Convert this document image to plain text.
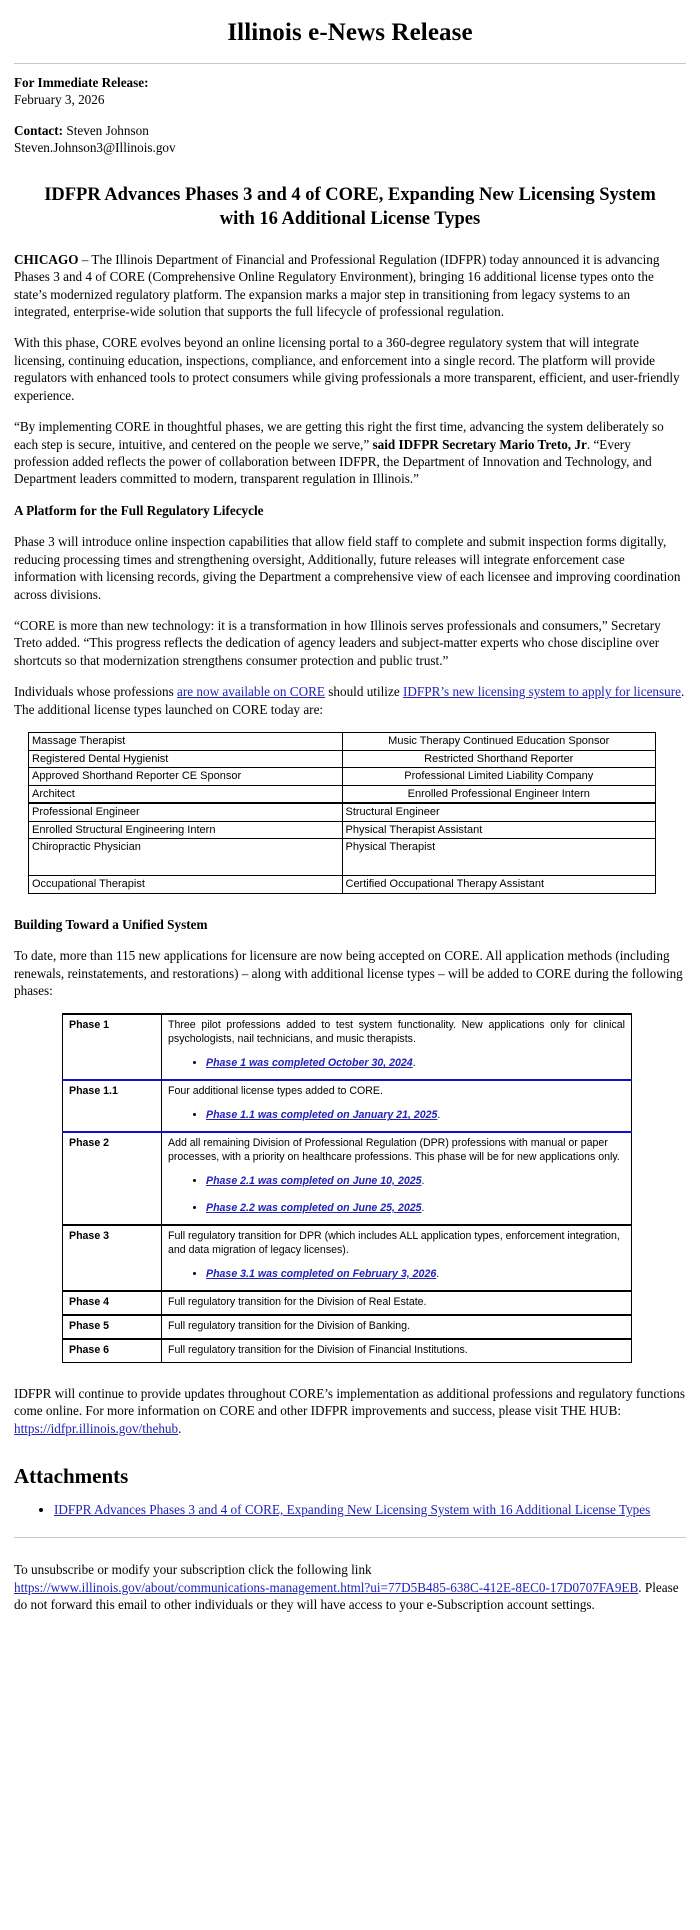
Illinois e-News Release
For Immediate Release:
February 3, 2026
Contact: Steven Johnson
Steven.Johnson3@Illinois.gov
IDFPR Advances Phases 3 and 4 of CORE, Expanding New Licensing System with 16 Additional License Types

CHICAGO – The Illinois Department of Financial and Professional Regulation (IDFPR) today announced it is advancing Phases 3 and 4 of CORE (Comprehensive Online Regulatory Environment), bringing 16 additional license types onto the state’s modernized regulatory platform. The expansion marks a major step in transitioning from legacy systems to an integrated, enterprise-wide solution that supports the full lifecycle of professional regulation.

With this phase, CORE evolves beyond an online licensing portal to a 360-degree regulatory system that will integrate licensing, continuing education, inspections, compliance, and enforcement into a single record. The platform will provide regulators with enhanced tools to protect consumers while giving professionals a more transparent, efficient, and user-friendly experience.

“By implementing CORE in thoughtful phases, we are getting this right the first time, advancing the system deliberately so each step is secure, intuitive, and centered on the people we serve,” said IDFPR Secretary Mario Treto, Jr. “Every profession added reflects the power of collaboration between IDFPR, the Department of Innovation and Technology, and Department leaders committed to modern, transparent regulation in Illinois.”

A Platform for the Full Regulatory Lifecycle

Phase 3 will introduce online inspection capabilities that allow field staff to complete and submit inspection forms digitally, reducing processing times and strengthening oversight, Additionally, future releases will integrate enforcement case information with licensing records, giving the Department a comprehensive view of each licensee and improving coordination across divisions.

“CORE is more than new technology: it is a transformation in how Illinois serves professionals and consumers,” Secretary Treto added. “This progress reflects the dedication of agency leaders and subject-matter experts who chose discipline over shortcuts so that modernization strengthens consumer protection and public trust.”

Individuals whose professions are now available on CORE should utilize IDFPR’s new licensing system to apply for licensure. The additional license types launched on CORE today are:

Massage Therapist	Music Therapy Continued Education Sponsor
Registered Dental Hygienist	Restricted Shorthand Reporter
Approved Shorthand Reporter CE Sponsor	Professional Limited Liability Company
Architect	Enrolled Professional Engineer Intern
Professional Engineer	Structural Engineer
Enrolled Structural Engineering Intern	Physical Therapist Assistant
Chiropractic Physician	Physical Therapist
Occupational Therapist	Certified Occupational Therapy Assistant
Building Toward a Unified System

To date, more than 115 new applications for licensure are now being accepted on CORE. All application methods (including renewals, reinstatements, and restorations) – along with additional license types – will be added to CORE during the following phases:

Phase 1	Three pilot professions added to test system functionality. New applications only for clinical psychologists, nail technicians, and music therapists.
• Phase 1 was completed October 30, 2024.

Phase 1.1	Four additional license types added to CORE.
• Phase 1.1 was completed on January 21, 2025.

Phase 2	Add all remaining Division of Professional Regulation (DPR) professions with manual or paper processes, with a priority on healthcare professions. This phase will be for new applications only.
• Phase 2.1 was completed on June 10, 2025.
• Phase 2.2 was completed on June 25, 2025.

Phase 3	Full regulatory transition for DPR (which includes ALL application types, enforcement integration, and data migration of legacy licenses).
• Phase 3.1 was completed on February 3, 2026.

Phase 4	Full regulatory transition for the Division of Real Estate.

Phase 5	Full regulatory transition for the Division of Banking.

Phase 6	Full regulatory transition for the Division of Financial Institutions.

IDFPR will continue to provide updates throughout CORE’s implementation as additional professions and regulatory functions come online. For more information on CORE and other IDFPR improvements and success, please visit THE HUB: https://idfpr.illinois.gov/thehub.

Attachments
• IDFPR Advances Phases 3 and 4 of CORE, Expanding New Licensing System with 16 Additional License Types

To unsubscribe or modify your subscription click the following link
https://www.illinois.gov/about/communications-management.html?ui=77D5B485-638C-412E-8EC0-17D0707FA9EB. Please do not forward this email to other individuals or they will have access to your e-Subscription account settings.
